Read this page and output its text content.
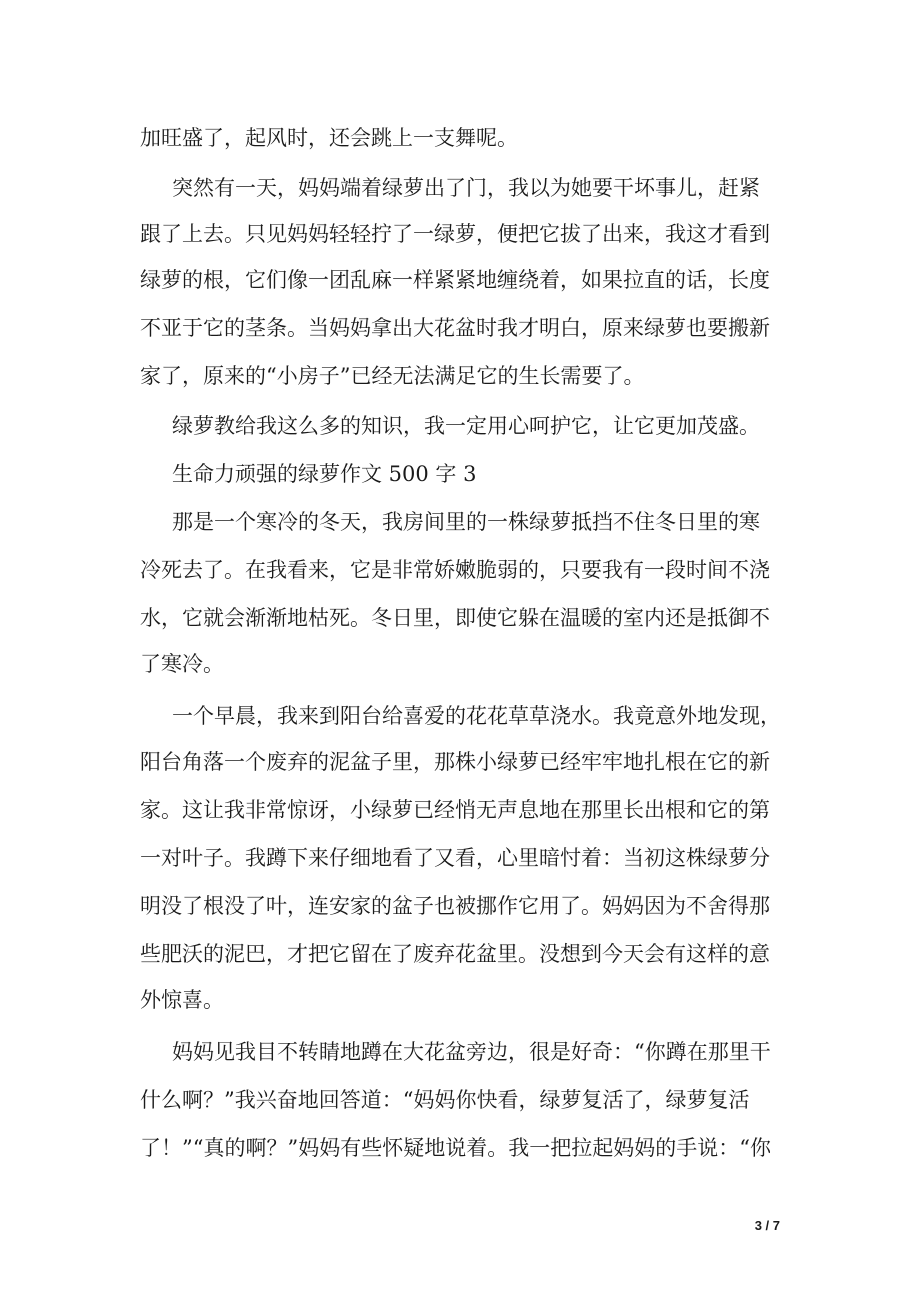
加旺盛了，起风时，还会跳上一支舞呢。

突然有一天，妈妈端着绿萝出了门，我以为她要干坏事儿，赶紧

跟了上去。只见妈妈轻轻拧了一绿萝，便把它拔了出来，我这才看到

绿萝的根，它们像一团乱麻一样紧紧地缠绕着，如果拉直的话，长度

不亚于它的茎条。当妈妈拿出大花盆时我才明白，原来绿萝也要搬新

家了，原来的“小房子”已经无法满足它的生长需要了。

绿萝教给我这么多的知识，我一定用心呵护它，让它更加茂盛。

生命力顽强的绿萝作文 500 字 3

那是一个寒冷的冬天，我房间里的一株绿萝抵挡不住冬日里的寒

冷死去了。在我看来，它是非常娇嫩脆弱的，只要我有一段时间不浇

水，它就会渐渐地枯死。冬日里，即使它躲在温暖的室内还是抵御不

了寒冷。

一个早晨，我来到阳台给喜爱的花花草草浇水。我竟意外地发现，

阳台角落一个废弃的泥盆子里，那株小绿萝已经牢牢地扎根在它的新

家。这让我非常惊讶，小绿萝已经悄无声息地在那里长出根和它的第

一对叶子。我蹲下来仔细地看了又看，心里暗忖着：当初这株绿萝分

明没了根没了叶，连安家的盆子也被挪作它用了。妈妈因为不舍得那

些肥沃的泥巴，才把它留在了废弃花盆里。没想到今天会有这样的意

外惊喜。

妈妈见我目不转睛地蹲在大花盆旁边，很是好奇：“你蹲在那里干

什么啊？”我兴奋地回答道：“妈妈你快看，绿萝复活了，绿萝复活

了！”“真的啊？”妈妈有些怀疑地说着。我一把拉起妈妈的手说：“你

3 / 7
